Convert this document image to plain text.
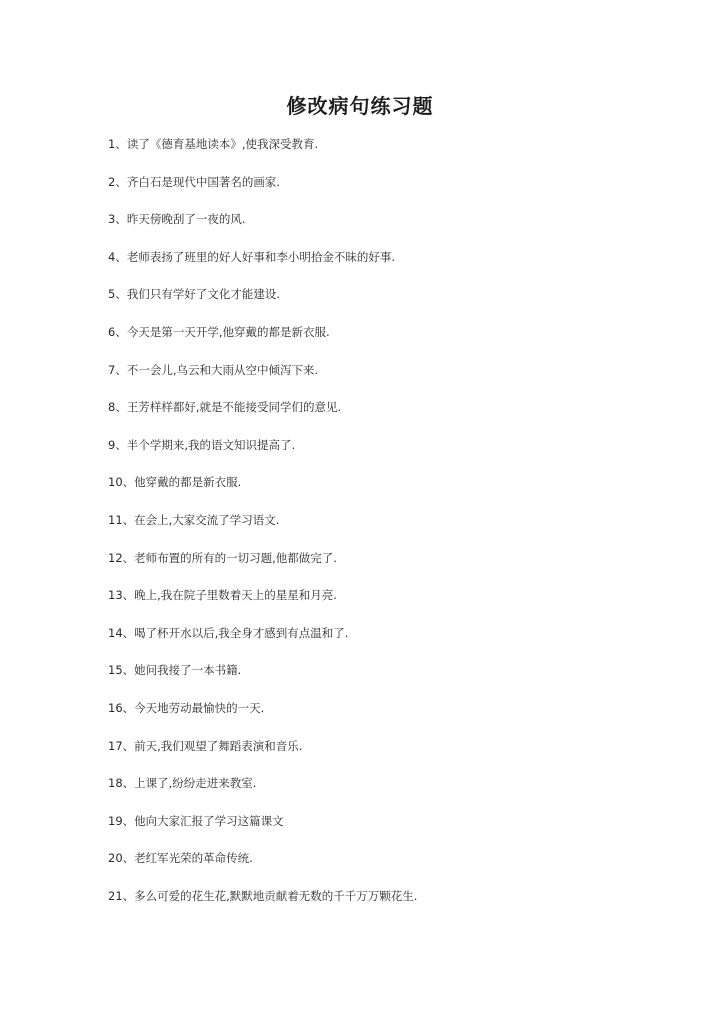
修改病句练习题
1、读了《德育基地读本》,使我深受教育.
2、齐白石是现代中国著名的画家.
3、昨天傍晚刮了一夜的风.
4、老师表扬了班里的好人好事和李小明拾金不昧的好事.
5、我们只有学好了文化才能建设.
6、今天是第一天开学,他穿戴的都是新衣服.
7、不一会儿,乌云和大雨从空中倾泻下来.
8、王芳样样都好,就是不能接受同学们的意见.
9、半个学期来,我的语文知识提高了.
10、他穿戴的都是新衣服.
11、在会上,大家交流了学习语文.
12、老师布置的所有的一切习题,他都做完了.
13、晚上,我在院子里数着天上的星星和月亮.
14、喝了杯开水以后,我全身才感到有点温和了.
15、她问我接了一本书籍.
16、今天地劳动最愉快的一天.
17、前天,我们观望了舞蹈表演和音乐.
18、上课了,纷纷走进来教室.
19、他向大家汇报了学习这篇课文
20、老红军光荣的革命传统.
21、多么可爱的花生花,默默地贡献着无数的千千万万颗花生.
